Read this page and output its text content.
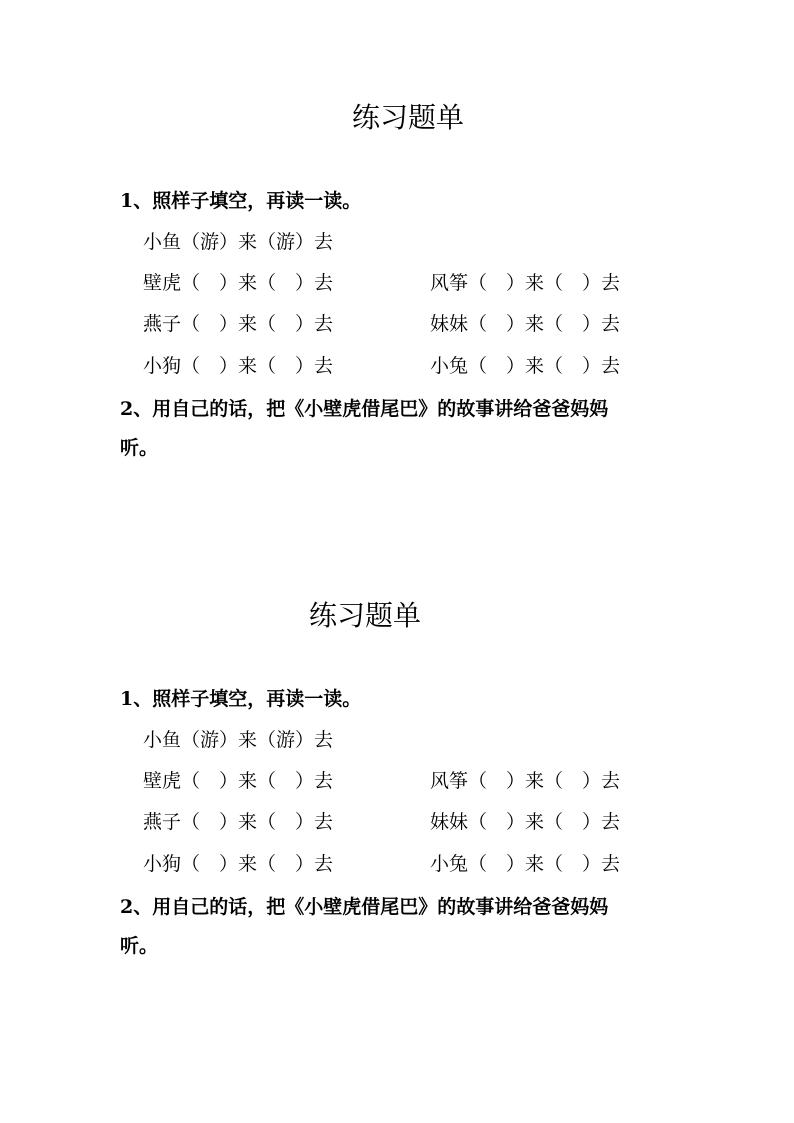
练习题单
1、照样子填空，再读一读。
小鱼（游）来（游）去
壁虎（　）来（　）去	风筝（　）来（　）去
燕子（　）来（　）去	妹妹（　）来（　）去
小狗（　）来（　）去	小兔（　）来（　）去
2、用自己的话，把《小壁虎借尾巴》的故事讲给爸爸妈妈
听。
练习题单
1、照样子填空，再读一读。
小鱼（游）来（游）去
壁虎（　）来（　）去	风筝（　）来（　）去
燕子（　）来（　）去	妹妹（　）来（　）去
小狗（　）来（　）去	小兔（　）来（　）去
2、用自己的话，把《小壁虎借尾巴》的故事讲给爸爸妈妈
听。
